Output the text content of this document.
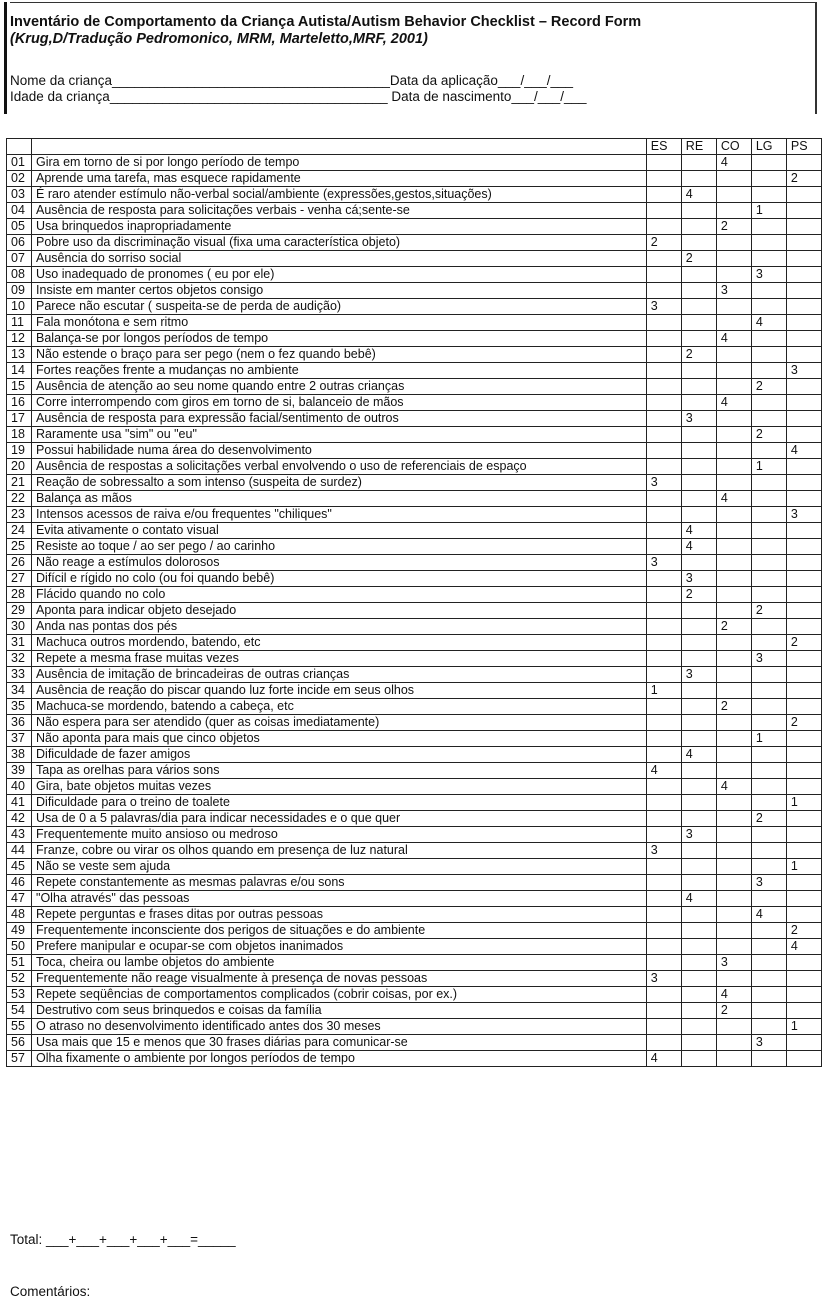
Inventário de Comportamento da Criança Autista/Autism Behavior Checklist – Record Form
(Krug,D/Tradução Pedromonico, MRM, Marteletto,MRF, 2001)
Nome da criança_____________________________________Data da aplicação___/___/___
Idade da criança_____________________________________ Data de nascimento___/___/___
		ES	RE	CO	LG	PS
01	Gira em torno de si por longo período de tempo			4		
02	Aprende uma tarefa, mas esquece rapidamente					2
03	É raro atender estímulo não-verbal social/ambiente (expressões,gestos,situações)		4			
04	Ausência de resposta para solicitações verbais - venha cá;sente-se				1	
05	Usa brinquedos inapropriadamente			2		
06	Pobre uso da discriminação visual (fixa uma característica objeto)	2				
07	Ausência do sorriso social		2			
08	Uso inadequado de pronomes ( eu por ele)				3	
09	Insiste em manter certos objetos consigo			3		
10	Parece não escutar ( suspeita-se de perda de audição)	3				
11	Fala monótona e sem ritmo				4	
12	Balança-se por longos períodos de tempo			4		
13	Não estende o braço para ser pego (nem o fez quando bebê)		2			
14	Fortes reações frente a mudanças no ambiente					3
15	Ausência de atenção ao seu nome quando entre 2 outras crianças				2	
16	Corre interrompendo com giros em torno de si, balanceio de mãos			4		
17	Ausência de resposta para expressão facial/sentimento de outros		3			
18	Raramente usa "sim" ou "eu"				2	
19	Possui habilidade numa área do desenvolvimento					4
20	Ausência de respostas a solicitações verbal envolvendo o uso de referenciais de espaço				1	
21	Reação de sobressalto a som intenso (suspeita de surdez)	3				
22	Balança as mãos			4		
23	Intensos acessos de raiva e/ou frequentes "chiliques"					3
24	Evita ativamente o contato visual		4			
25	Resiste ao toque / ao ser pego / ao carinho		4			
26	Não reage a estímulos dolorosos	3				
27	Difícil e rígido no colo (ou foi quando bebê)		3			
28	Flácido quando no colo		2			
29	Aponta para indicar objeto desejado				2	
30	Anda nas pontas dos pés			2		
31	Machuca outros mordendo, batendo, etc					2
32	Repete a mesma frase muitas vezes				3	
33	Ausência de imitação de brincadeiras de outras crianças		3			
34	Ausência de reação do piscar quando luz forte incide em seus olhos	1				
35	Machuca-se mordendo, batendo a cabeça, etc			2		
36	Não espera para ser atendido (quer as coisas imediatamente)					2
37	Não aponta para mais que cinco objetos				1	
38	Dificuldade de fazer amigos		4			
39	Tapa as orelhas para vários sons	4				
40	Gira, bate objetos muitas vezes			4		
41	Dificuldade para o treino de toalete					1
42	Usa de 0 a 5 palavras/dia para indicar necessidades e o que quer				2	
43	Frequentemente muito ansioso ou medroso		3			
44	Franze, cobre ou virar os olhos quando em presença de luz natural	3				
45	Não se veste sem ajuda					1
46	Repete constantemente as mesmas palavras e/ou sons				3	
47	"Olha através" das pessoas		4			
48	Repete perguntas e frases ditas por outras pessoas				4	
49	Frequentemente inconsciente dos perigos de situações e do ambiente					2
50	Prefere manipular e ocupar-se com objetos inanimados					4
51	Toca, cheira ou lambe objetos do ambiente			3		
52	Frequentemente não reage visualmente à presença de novas pessoas	3				
53	Repete seqüências de comportamentos complicados (cobrir coisas, por ex.)			4		
54	Destrutivo com seus brinquedos e coisas da família			2		
55	O atraso no desenvolvimento identificado antes dos 30 meses					1
56	Usa mais que 15 e menos que 30 frases diárias para comunicar-se				3	
57	Olha fixamente o ambiente por longos períodos de tempo	4				
Total: ___+___+___+___+___=_____
Comentários:
